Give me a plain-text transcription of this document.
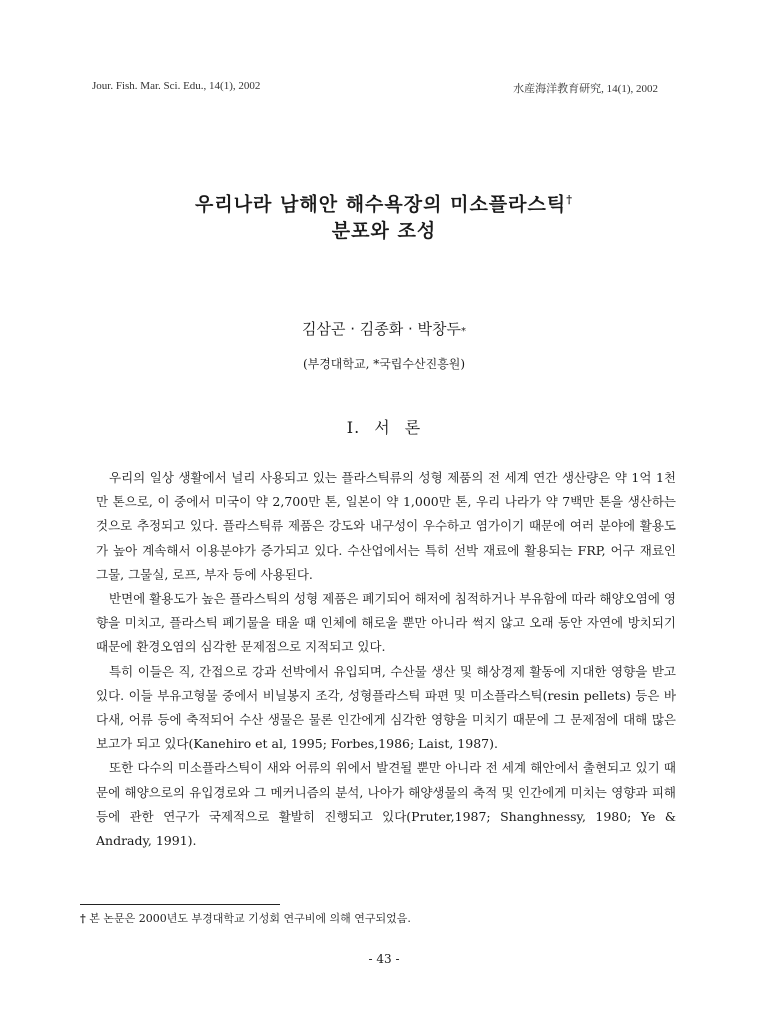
Jour. Fish. Mar. Sci. Edu., 14(1), 2002	水産海洋教育研究, 14(1), 2002
우리나라 남해안 해수욕장의 미소플라스틱†
분포와 조성
김삼곤 · 김종화 · 박창두*
(부경대학교, *국립수산진흥원)
Ⅰ. 서 론

우리의 일상 생활에서 널리 사용되고 있는 플라스틱류의 성형 제품의 전 세계 연간 생산량은 약 1억 1천만 톤으로, 이 중에서 미국이 약 2,700만 톤, 일본이 약 1,000만 톤, 우리 나라가 약 7백만 톤을 생산하는 것으로 추정되고 있다. 플라스틱류 제품은 강도와 내구성이 우수하고 염가이기 때문에 여러 분야에 활용도가 높아 계속해서 이용분야가 증가되고 있다. 수산업에서는 특히 선박 재료에 활용되는 FRP, 어구 재료인 그물, 그물실, 로프, 부자 등에 사용된다.

반면에 활용도가 높은 플라스틱의 성형 제품은 폐기되어 해저에 침적하거나 부유함에 따라 해양오염에 영향을 미치고, 플라스틱 폐기물을 태울 때 인체에 해로울 뿐만 아니라 썩지 않고 오래 동안 자연에 방치되기 때문에 환경오염의 심각한 문제점으로 지적되고 있다.

특히 이들은 직, 간접으로 강과 선박에서 유입되며, 수산물 생산 및 해상경제 활동에 지대한 영향을 받고 있다. 이들 부유고형물 중에서 비닐봉지 조각, 성형플라스틱 파편 및 미소플라스틱(resin pellets) 등은 바다새, 어류 등에 축적되어 수산 생물은 물론 인간에게 심각한 영향을 미치기 때문에 그 문제점에 대해 많은 보고가 되고 있다(Kanehiro et al, 1995; Forbes,1986; Laist, 1987).

또한 다수의 미소플라스틱이 새와 어류의 위에서 발견될 뿐만 아니라 전 세계 해안에서 출현되고 있기 때문에 해양으로의 유입경로와 그 메커니즘의 분석, 나아가 해양생물의 축적 및 인간에게 미치는 영향과 피해 등에 관한 연구가 국제적으로 활발히 진행되고 있다(Pruter,1987; Shanghnessy, 1980; Ye & Andrady, 1991).

† 본 논문은 2000년도 부경대학교 기성회 연구비에 의해 연구되었음.
- 43 -
